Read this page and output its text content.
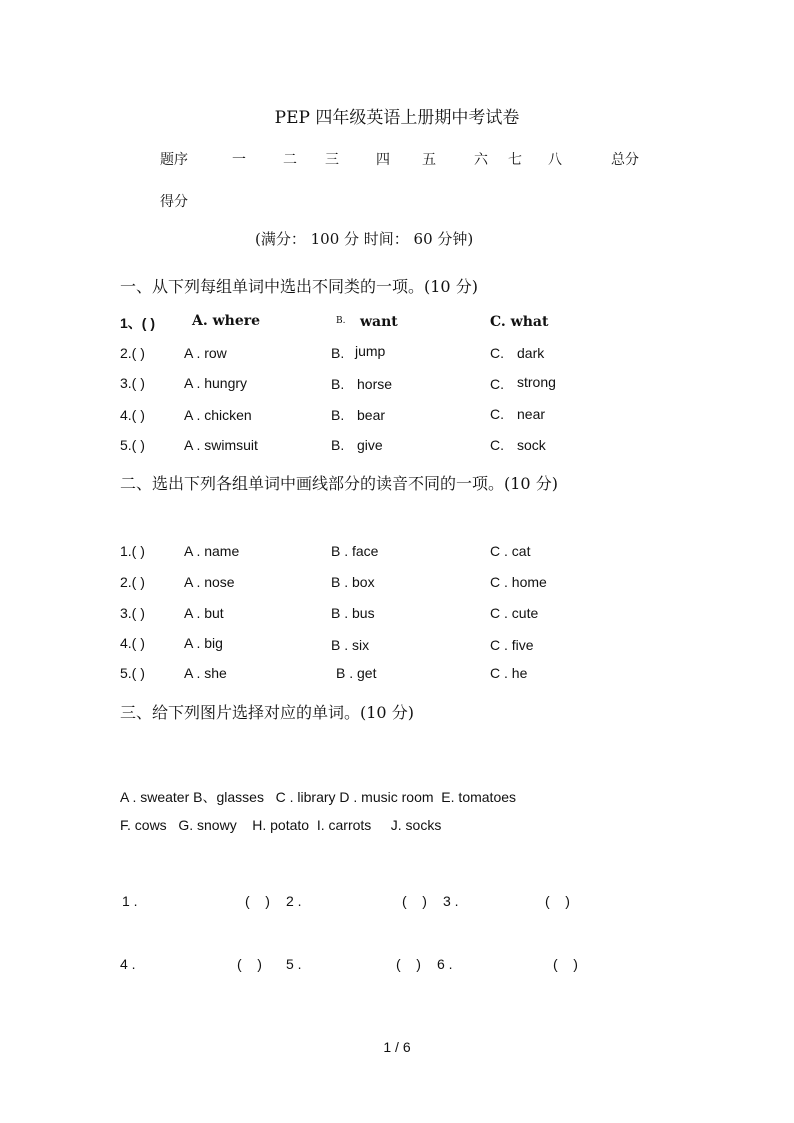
PEP 四年级英语上册期中考试卷
题序	一	二 三	四 五	六 七 八	总分
得分
(满分： 100 分 时间： 60 分钟)
一、从下列每组单词中选出不同类的一项。(10 分)
1、( )	A. where	B. want	C. what
2.( )	A . row	B. jump	C. dark
3.( )	A . hungry	B. horse	C. strong
4.( )	A . chicken	B. bear	C. near
5.( )	A . swimsuit	B. give	C. sock
二、选出下列各组单词中画线部分的读音不同的一项。(10 分)
1.( )	A . name	B . face	C . cat
2.( )	A . nose	B . box	C . home
3.( )	A . but	B . bus	C . cute
4.( )	A . big	B . six	C . five
5.( )	A . she	B . get	C . he
三、给下列图片选择对应的单词。(10 分)
A . sweater B、glasses   C . library D . music room  E. tomatoes
F. cows   G. snowy    H. potato  I. carrots     J. socks
1 .	(    ) 2 .	(    ) 3 .	(    )
4 .	(    ) 5 .	(    ) 6 .	(    )
1 / 6
